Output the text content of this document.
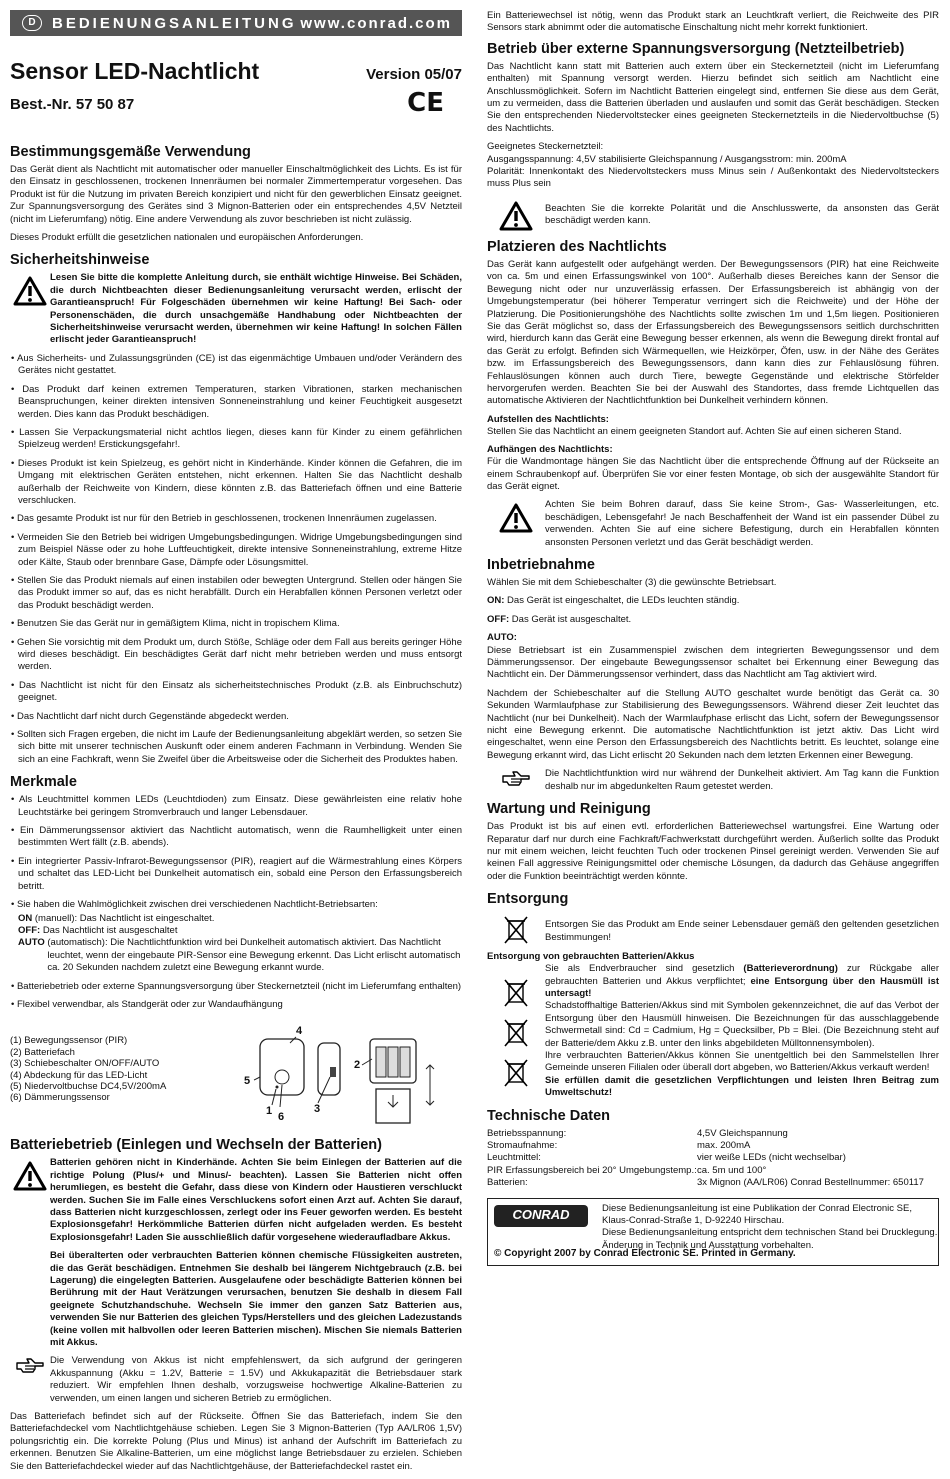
D	BEDIENUNGSANLEITUNG www.conrad.com
Sensor LED-Nachtlicht
Best.-Nr. 57 50 87
Version 05/07
CE
Bestimmungsgemäße Verwendung

Das Gerät dient als Nachtlicht mit automatischer oder manueller Einschaltmöglichkeit des Lichts. Es ist für den Einsatz in geschlossenen, trockenen Innenräumen bei normaler Zimmertemperatur vorgesehen. Das Produkt ist für die Nutzung im privaten Bereich konzipiert und nicht für den gewerblichen Einsatz geeignet. Zur Spannungsversorgung des Gerätes sind 3 Mignon-Batterien oder ein entsprechendes 4,5V Netzteil (nicht im Lieferumfang) nötig. Eine andere Verwendung als zuvor beschrieben ist nicht zulässig.

Dieses Produkt erfüllt die gesetzlichen nationalen und europäischen Anforderungen.

Sicherheitshinweise
Lesen Sie bitte die komplette Anleitung durch, sie enthält wichtige Hinweise. Bei Schäden, die durch Nichtbeachten dieser Bedienungsanleitung verursacht werden, erlischt der Garantieanspruch! Für Folgeschäden übernehmen wir keine Haftung! Bei Sach- oder Personenschäden, die durch unsachgemäße Handhabung oder Nichtbeachten der Sicherheitshinweise verursacht werden, übernehmen wir keine Haftung! In solchen Fällen erlischt jeder Garantieanspruch!
• Aus Sicherheits- und Zulassungsgründen (CE) ist das eigenmächtige Umbauen und/oder Verändern des Gerätes nicht gestattet.
• Das Produkt darf keinen extremen Temperaturen, starken Vibrationen, starken mechanischen Beanspruchungen, keiner direkten intensiven Sonneneinstrahlung und keiner Feuchtigkeit ausgesetzt werden. Dies kann das Produkt beschädigen.
• Lassen Sie Verpackungsmaterial nicht achtlos liegen, dieses kann für Kinder zu einem gefährlichen Spielzeug werden! Erstickungsgefahr!.
• Dieses Produkt ist kein Spielzeug, es gehört nicht in Kinderhände. Kinder können die Gefahren, die im Umgang mit elektrischen Geräten entstehen, nicht erkennen. Halten Sie das Nachtlicht deshalb außerhalb der Reichweite von Kindern, diese könnten z.B. das Batteriefach öffnen und eine Batterie verschlucken.
• Das gesamte Produkt ist nur für den Betrieb in geschlossenen, trockenen Innenräumen zugelassen.
• Vermeiden Sie den Betrieb bei widrigen Umgebungsbedingungen. Widrige Umgebungsbedingungen sind zum Beispiel Nässe oder zu hohe Luftfeuchtigkeit, direkte intensive Sonneneinstrahlung, extreme Hitze oder Kälte, Staub oder brennbare Gase, Dämpfe oder Lösungsmittel.
• Stellen Sie das Produkt niemals auf einen instabilen oder bewegten Untergrund. Stellen oder hängen Sie das Produkt immer so auf, das es nicht herabfällt. Durch ein Herabfallen können Personen verletzt oder das Produkt beschädigt werden.
• Benutzen Sie das Gerät nur in gemäßigtem Klima, nicht in tropischem Klima.
• Gehen Sie vorsichtig mit dem Produkt um, durch Stöße, Schläge oder dem Fall aus bereits geringer Höhe wird dieses beschädigt. Ein beschädigtes Gerät darf nicht mehr betrieben werden und muss entsorgt werden.
• Das Nachtlicht ist nicht für den Einsatz als sicherheitstechnisches Produkt (z.B. als Einbruchschutz) geeignet.
• Das Nachtlicht darf nicht durch Gegenstände abgedeckt werden.
• Sollten sich Fragen ergeben, die nicht im Laufe der Bedienungsanleitung abgeklärt werden, so setzen Sie sich bitte mit unserer technischen Auskunft oder einem anderen Fachmann in Verbindung. Wenden Sie sich an eine Fachkraft, wenn Sie Zweifel über die Arbeitsweise oder die Sicherheit des Produktes haben.
Merkmale
• Als Leuchtmittel kommen LEDs (Leuchtdioden) zum Einsatz. Diese gewährleisten eine relativ hohe Leuchtstärke bei geringem Stromverbrauch und langer Lebensdauer.
• Ein Dämmerungssensor aktiviert das Nachtlicht automatisch, wenn die Raumhelligkeit unter einen bestimmten Wert fällt (z.B. abends).
• Ein integrierter Passiv-Infrarot-Bewegungssensor (PIR), reagiert auf die Wärmestrahlung eines Körpers und schaltet das LED-Licht bei Dunkelheit automatisch ein, sobald eine Person den Erfassungsbereich betritt.
• Sie haben die Wahlmöglichkeit zwischen drei verschiedenen Nachtlicht-Betriebsarten:
ON (manuell): Das Nachtlicht ist eingeschaltet.
OFF: Das Nachtlicht ist ausgeschaltet
AUTO (automatisch): Die Nachtlichtfunktion wird bei Dunkelheit automatisch aktiviert. Das Nachtlicht leuchtet, wenn der eingebaute PIR-Sensor eine Bewegung erkennt. Das Licht erlischt automatisch ca. 20 Sekunden nachdem zuletzt eine Bewegung erkannt wurde.
• Batteriebetrieb oder externe Spannungsversorgung über Steckernetzteil (nicht im Lieferumfang enthalten)
• Flexibel verwendbar, als Standgerät oder zur Wandaufhängung
(1) Bewegungssensor (PIR)
(2) Batteriefach
(3) Schiebeschalter ON/OFF/AUTO
(4) Abdeckung für das LED-Licht
(5) Niedervoltbuchse DC4,5V/200mA
(6) Dämmerungssensor
4
5
2
1 6
3
Batteriebetrieb (Einlegen und Wechseln der Batterien)
Batterien gehören nicht in Kinderhände. Achten Sie beim Einlegen der Batterien auf die richtige Polung (Plus/+ und Minus/- beachten). Lassen Sie Batterien nicht offen herumliegen, es besteht die Gefahr, dass diese von Kindern oder Haustieren verschluckt werden. Suchen Sie im Falle eines Verschluckens sofort einen Arzt auf. Achten Sie darauf, dass Batterien nicht kurzgeschlossen, zerlegt oder ins Feuer geworfen werden. Es besteht Explosionsgefahr! Herkömmliche Batterien dürfen nicht aufgeladen werden. Es besteht Explosionsgefahr! Laden Sie ausschließlich dafür vorgesehene wiederaufladbare Akkus.
Bei überalterten oder verbrauchten Batterien können chemische Flüssigkeiten austreten, die das Gerät beschädigen. Entnehmen Sie deshalb bei längerem Nichtgebrauch (z.B. bei Lagerung) die eingelegten Batterien. Ausgelaufene oder beschädigte Batterien können bei Berührung mit der Haut Verätzungen verursachen, benutzen Sie deshalb in diesem Fall geeignete Schutzhandschuhe. Wechseln Sie immer den ganzen Satz Batterien aus, verwenden Sie nur Batterien des gleichen Typs/Herstellers und des gleichen Ladezustands (keine vollen mit halbvollen oder leeren Batterien mischen). Mischen Sie niemals Batterien mit Akkus.
Die Verwendung von Akkus ist nicht empfehlenswert, da sich aufgrund der geringeren Akkuspannung (Akku = 1.2V, Batterie = 1.5V) und Akkukapazität die Betriebsdauer stark reduziert. Wir empfehlen Ihnen deshalb, vorzugsweise hochwertige Alkaline-Batterien zu verwenden, um einen langen und sicheren Betrieb zu ermöglichen.

Das Batteriefach befindet sich auf der Rückseite. Öffnen Sie das Batteriefach, indem Sie den Batteriefachdeckel vom Nachtlichtgehäuse schieben. Legen Sie 3 Mignon-Batterien (Typ AA/LR06 1,5V) polungsrichtig ein. Die korrekte Polung (Plus und Minus) ist anhand der Aufschrift im Batteriefach zu erkennen. Benutzen Sie Alkaline-Batterien, um eine möglichst lange Betriebsdauer zu erzielen. Schieben Sie den Batteriefachdeckel wieder auf das Nachtlichtgehäuse, der Batteriefachdeckel rastet ein.

Ein Batteriewechsel ist nötig, wenn das Produkt stark an Leuchtkraft verliert, die Reichweite des PIR Sensors stark abnimmt oder die automatische Einschaltung nicht mehr korrekt funktioniert.

Betrieb über externe Spannungsversorgung (Netzteilbetrieb)

Das Nachtlicht kann statt mit Batterien auch extern über ein Steckernetzteil (nicht im Lieferumfang enthalten) mit Spannung versorgt werden. Hierzu befindet sich seitlich am Nachtlicht eine Anschlussmöglichkeit. Sofern im Nachtlicht Batterien eingelegt sind, entfernen Sie diese aus dem Gerät, um zu vermeiden, dass die Batterien überladen und auslaufen und somit das Gerät beschädigen. Stecken Sie den entsprechenden Niedervoltstecker eines geeigneten Steckernetzteils in die Niedervoltbuchse (5) des Nachtlichts.

Geeignetes Steckernetzteil:
Ausgangsspannung: 4,5V stabilisierte Gleichspannung / Ausgangsstrom: min. 200mA
Polarität: Innenkontakt des Niedervoltsteckers muss Minus sein / Außenkontakt des Niedervoltsteckers muss Plus sein

Beachten Sie die korrekte Polarität und die Anschlusswerte, da ansonsten das Gerät beschädigt werden kann.
Platzieren des Nachtlichts

Das Gerät kann aufgestellt oder aufgehängt werden. Der Bewegungssensors (PIR) hat eine Reichweite von ca. 5m und einen Erfassungswinkel von 100°. Außerhalb dieses Bereiches kann der Sensor die Bewegung nicht oder nur unzuverlässig erfassen. Der Erfassungsbereich ist abhängig von der Umgebungstemperatur (bei höherer Temperatur verringert sich die Reichweite) und der Höhe der Platzierung. Die Positionierungshöhe des Nachtlichts sollte zwischen 1m und 1,5m liegen. Positionieren Sie das Gerät möglichst so, dass der Erfassungsbereich des Bewegungssensors seitlich durchschritten wird, hierdurch kann das Gerät eine Bewegung besser erkennen, als wenn die Bewegung direkt frontal auf das Gerät zu erfolgt. Befinden sich Wärmequellen, wie Heizkörper, Öfen, usw. in der Nähe des Gerätes bzw. im Erfassungsbereich des Bewegungssensors, dann kann dies zur Fehlauslösung führen. Fehlauslösungen können auch durch Tiere, bewegte Gegenstände und elektrische Störfelder hervorgerufen werden. Beachten Sie bei der Auswahl des Standortes, dass fremde Lichtquellen das automatische Aktivieren der Nachtlichtfunktion bei Dunkelheit verhindern können.

Aufstellen des Nachtlichts:

Stellen Sie das Nachtlicht an einem geeigneten Standort auf. Achten Sie auf einen sicheren Stand.

Aufhängen des Nachtlichts:

Für die Wandmontage hängen Sie das Nachtlicht über die entsprechende Öffnung auf der Rückseite an einem Schraubenkopf auf. Überprüfen Sie vor einer festen Montage, ob sich der ausgewählte Standort für das Gerät eignet.

Achten Sie beim Bohren darauf, dass Sie keine Strom-, Gas- Wasserleitungen, etc. beschädigen, Lebensgefahr! Je nach Beschaffenheit der Wand ist ein passender Dübel zu verwenden. Achten Sie auf eine sichere Befestigung, durch ein Herabfallen könnten ansonsten Personen verletzt und das Gerät beschädigt werden.
Inbetriebnahme

Wählen Sie mit dem Schiebeschalter (3) die gewünschte Betriebsart.

ON: Das Gerät ist eingeschaltet, die LEDs leuchten ständig.

OFF: Das Gerät ist ausgeschaltet.

AUTO:

Diese Betriebsart ist ein Zusammenspiel zwischen dem integrierten Bewegungssensor und dem Dämmerungssensor. Der eingebaute Bewegungssensor schaltet bei Erkennung einer Bewegung das Nachtlicht ein. Der Dämmerungssensor verhindert, dass das Nachtlicht am Tag aktiviert wird.

Nachdem der Schiebeschalter auf die Stellung AUTO geschaltet wurde benötigt das Gerät ca. 30 Sekunden Warmlaufphase zur Stabilisierung des Bewegungssensors. Während dieser Zeit leuchtet das Nachtlicht (nur bei Dunkelheit). Nach der Warmlaufphase erlischt das Licht, sofern der Bewegungssensor nicht eine Bewegung erkennt. Die automatische Nachtlichtfunktion ist jetzt aktiv. Das Licht wird eingeschaltet, wenn eine Person den Erfassungsbereich des Nachtlichts betritt. Es leuchtet, solange eine Bewegung erkannt wird, das Licht erlischt 20 Sekunden nach dem letzten Erkennen einer Bewegung.

Die Nachtlichtfunktion wird nur während der Dunkelheit aktiviert. Am Tag kann die Funktion deshalb nur im abgedunkelten Raum getestet werden.
Wartung und Reinigung

Das Produkt ist bis auf einen evtl. erforderlichen Batteriewechsel wartungsfrei. Eine Wartung oder Reparatur darf nur durch eine Fachkraft/Fachwerkstatt durchgeführt werden. Äußerlich sollte das Produkt nur mit einem weichen, leicht feuchten Tuch oder trockenen Pinsel gereinigt werden. Verwenden Sie auf keinen Fall aggressive Reinigungsmittel oder chemische Lösungen, da dadurch das Gehäuse angegriffen oder die Funktion beeinträchtigt werden könnte.

Entsorgung
Entsorgen Sie das Produkt am Ende seiner Lebensdauer gemäß den geltenden gesetzlichen Bestimmungen!
Entsorgung von gebrauchten Batterien/Akkus
Sie als Endverbraucher sind gesetzlich (Batterieverordnung) zur Rückgabe aller gebrauchten Batterien und Akkus verpflichtet; eine Entsorgung über den Hausmüll ist untersagt!
Schadstoffhaltige Batterien/Akkus sind mit Symbolen gekennzeichnet, die auf das Verbot der Entsorgung über den Hausmüll hinweisen. Die Bezeichnungen für das ausschlaggebende Schwermetall sind: Cd = Cadmium, Hg = Quecksilber, Pb = Blei. (Die Bezeichnung steht auf der Batterie/dem Akku z.B. unter den links abgebildeten Mülltonnensymbolen).
Ihre verbrauchten Batterien/Akkus können Sie unentgeltlich bei den Sammelstellen Ihrer Gemeinde unseren Filialen oder überall dort abgeben, wo Batterien/Akkus verkauft werden!
Sie erfüllen damit die gesetzlichen Verpflichtungen und leisten Ihren Beitrag zum Umweltschutz!
Technische Daten
Betriebsspannung:	4,5V Gleichspannung
Stromaufnahme:	max. 200mA
Leuchtmittel:	vier weiße LEDs (nicht wechselbar)
PIR Erfassungsbereich bei 20° Umgebungstemp.: ca. 5m und 100°
Batterien:	3x Mignon (AA/LR06) Conrad Bestellnummer: 650117
CONRAD	Diese Bedienungsanleitung ist eine Publikation der Conrad Electronic SE, Klaus-Conrad-Straße 1, D-92240 Hirschau.
Diese Bedienungsanleitung entspricht dem technischen Stand bei Drucklegung. Änderung in Technik und Ausstattung vorbehalten.
© Copyright 2007 by Conrad Electronic SE. Printed in Germany.
